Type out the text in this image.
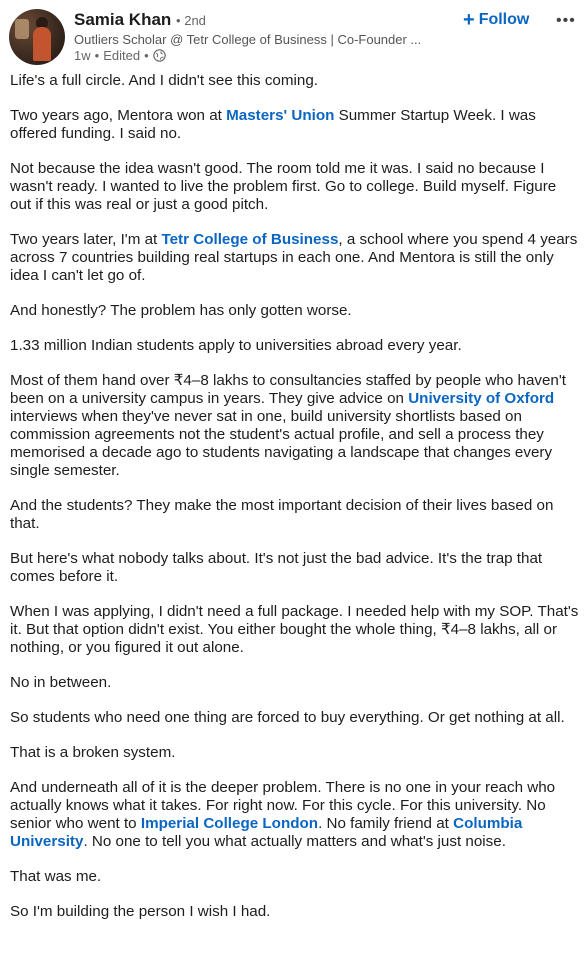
Samia Khan • 2nd
Outliers Scholar @ Tetr College of Business | Co-Founder ...
1w • Edited •
+ Follow •••

Life's a full circle. And I didn't see this coming.

Two years ago, Mentora won at Masters' Union Summer Startup Week. I was offered funding. I said no.

Not because the idea wasn't good. The room told me it was. I said no because I wasn't ready. I wanted to live the problem first. Go to college. Build myself. Figure out if this was real or just a good pitch.

Two years later, I'm at Tetr College of Business, a school where you spend 4 years across 7 countries building real startups in each one. And Mentora is still the only idea I can't let go of.

And honestly? The problem has only gotten worse.

1.33 million Indian students apply to universities abroad every year.

Most of them hand over ₹4–8 lakhs to consultancies staffed by people who haven't been on a university campus in years. They give advice on University of Oxford interviews when they've never sat in one, build university shortlists based on commission agreements not the student's actual profile, and sell a process they memorised a decade ago to students navigating a landscape that changes every single semester.

And the students? They make the most important decision of their lives based on that.

But here's what nobody talks about. It's not just the bad advice. It's the trap that comes before it.

When I was applying, I didn't need a full package. I needed help with my SOP. That's it. But that option didn't exist. You either bought the whole thing, ₹4–8 lakhs, all or nothing, or you figured it out alone.

No in between.

So students who need one thing are forced to buy everything. Or get nothing at all.

That is a broken system.

And underneath all of it is the deeper problem. There is no one in your reach who actually knows what it takes. For right now. For this cycle. For this university. No senior who went to Imperial College London. No family friend at Columbia University. No one to tell you what actually matters and what's just noise.

That was me.

So I'm building the person I wish I had.
